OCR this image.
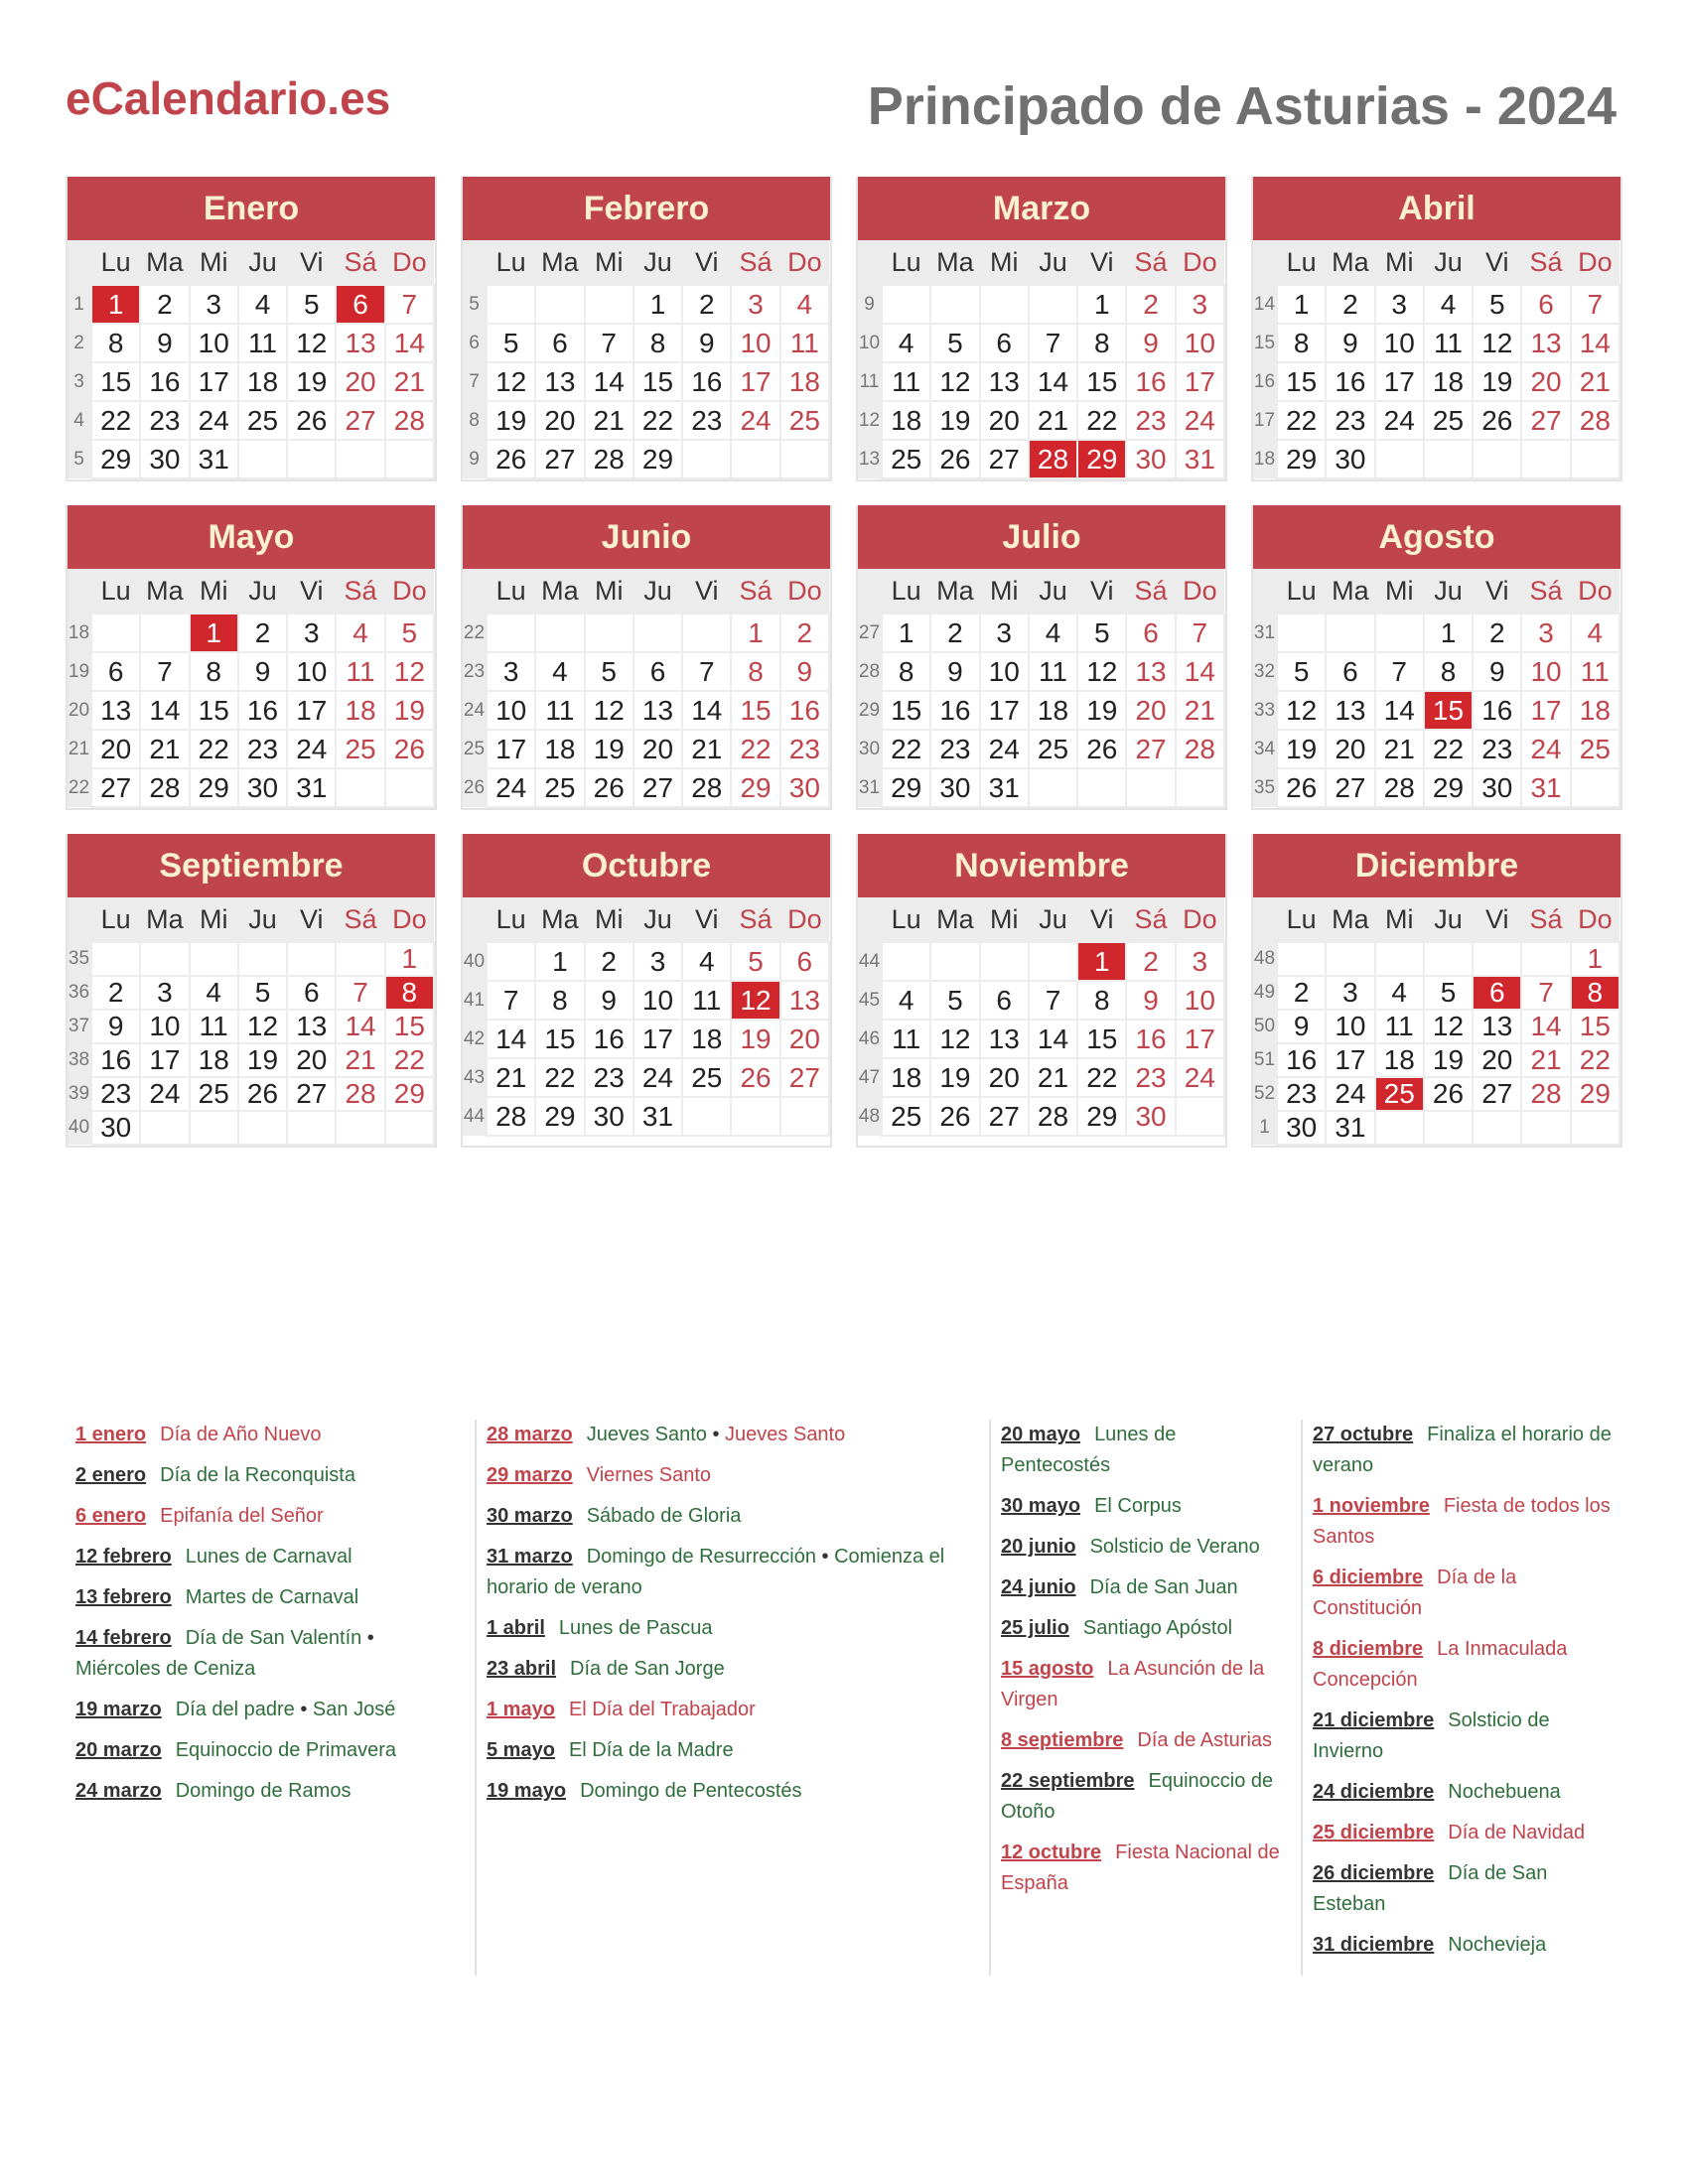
eCalendario.es	Principado de Asturias - 2024
Enero
	Lu	Ma	Mi	Ju	Vi	Sá	Do
1	1	2	3	4	5	6	7
2	8	9	10	11	12	13	14
3	15	16	17	18	19	20	21
4	22	23	24	25	26	27	28
5	29	30	31				
Febrero
	Lu	Ma	Mi	Ju	Vi	Sá	Do
5				1	2	3	4
6	5	6	7	8	9	10	11
7	12	13	14	15	16	17	18
8	19	20	21	22	23	24	25
9	26	27	28	29			
Marzo
	Lu	Ma	Mi	Ju	Vi	Sá	Do
9					1	2	3
10	4	5	6	7	8	9	10
11	11	12	13	14	15	16	17
12	18	19	20	21	22	23	24
13	25	26	27	28	29	30	31
Abril
	Lu	Ma	Mi	Ju	Vi	Sá	Do
14	1	2	3	4	5	6	7
15	8	9	10	11	12	13	14
16	15	16	17	18	19	20	21
17	22	23	24	25	26	27	28
18	29	30					
Mayo
	Lu	Ma	Mi	Ju	Vi	Sá	Do
18			1	2	3	4	5
19	6	7	8	9	10	11	12
20	13	14	15	16	17	18	19
21	20	21	22	23	24	25	26
22	27	28	29	30	31		
Junio
	Lu	Ma	Mi	Ju	Vi	Sá	Do
22						1	2
23	3	4	5	6	7	8	9
24	10	11	12	13	14	15	16
25	17	18	19	20	21	22	23
26	24	25	26	27	28	29	30
Julio
	Lu	Ma	Mi	Ju	Vi	Sá	Do
27	1	2	3	4	5	6	7
28	8	9	10	11	12	13	14
29	15	16	17	18	19	20	21
30	22	23	24	25	26	27	28
31	29	30	31				
Agosto
	Lu	Ma	Mi	Ju	Vi	Sá	Do
31				1	2	3	4
32	5	6	7	8	9	10	11
33	12	13	14	15	16	17	18
34	19	20	21	22	23	24	25
35	26	27	28	29	30	31	
Septiembre
	Lu	Ma	Mi	Ju	Vi	Sá	Do
35							1
36	2	3	4	5	6	7	8
37	9	10	11	12	13	14	15
38	16	17	18	19	20	21	22
39	23	24	25	26	27	28	29
40	30						
Octubre
	Lu	Ma	Mi	Ju	Vi	Sá	Do
40		1	2	3	4	5	6
41	7	8	9	10	11	12	13
42	14	15	16	17	18	19	20
43	21	22	23	24	25	26	27
44	28	29	30	31			
Noviembre
	Lu	Ma	Mi	Ju	Vi	Sá	Do
44					1	2	3
45	4	5	6	7	8	9	10
46	11	12	13	14	15	16	17
47	18	19	20	21	22	23	24
48	25	26	27	28	29	30	
Diciembre
	Lu	Ma	Mi	Ju	Vi	Sá	Do
48							1
49	2	3	4	5	6	7	8
50	9	10	11	12	13	14	15
51	16	17	18	19	20	21	22
52	23	24	25	26	27	28	29
1	30	31					
1 enero Día de Año Nuevo
2 enero Día de la Reconquista
6 enero Epifanía del Señor
12 febrero Lunes de Carnaval
13 febrero Martes de Carnaval
14 febrero Día de San Valentín • Miércoles de Ceniza
19 marzo Día del padre • San José
20 marzo Equinoccio de Primavera
24 marzo Domingo de Ramos
28 marzo Jueves Santo • Jueves Santo
29 marzo Viernes Santo
30 marzo Sábado de Gloria
31 marzo Domingo de Resurrección • Comienza el horario de verano
1 abril Lunes de Pascua
23 abril Día de San Jorge
1 mayo El Día del Trabajador
5 mayo El Día de la Madre
19 mayo Domingo de Pentecostés
20 mayo Lunes de Pentecostés
30 mayo El Corpus
20 junio Solsticio de Verano
24 junio Día de San Juan
25 julio Santiago Apóstol
15 agosto La Asunción de la Virgen
8 septiembre Día de Asturias
22 septiembre Equinoccio de Otoño
12 octubre Fiesta Nacional de España
27 octubre Finaliza el horario de verano
1 noviembre Fiesta de todos los Santos
6 diciembre Día de la Constitución
8 diciembre La Inmaculada Concepción
21 diciembre Solsticio de Invierno
24 diciembre Nochebuena
25 diciembre Día de Navidad
26 diciembre Día de San Esteban
31 diciembre Nochevieja
